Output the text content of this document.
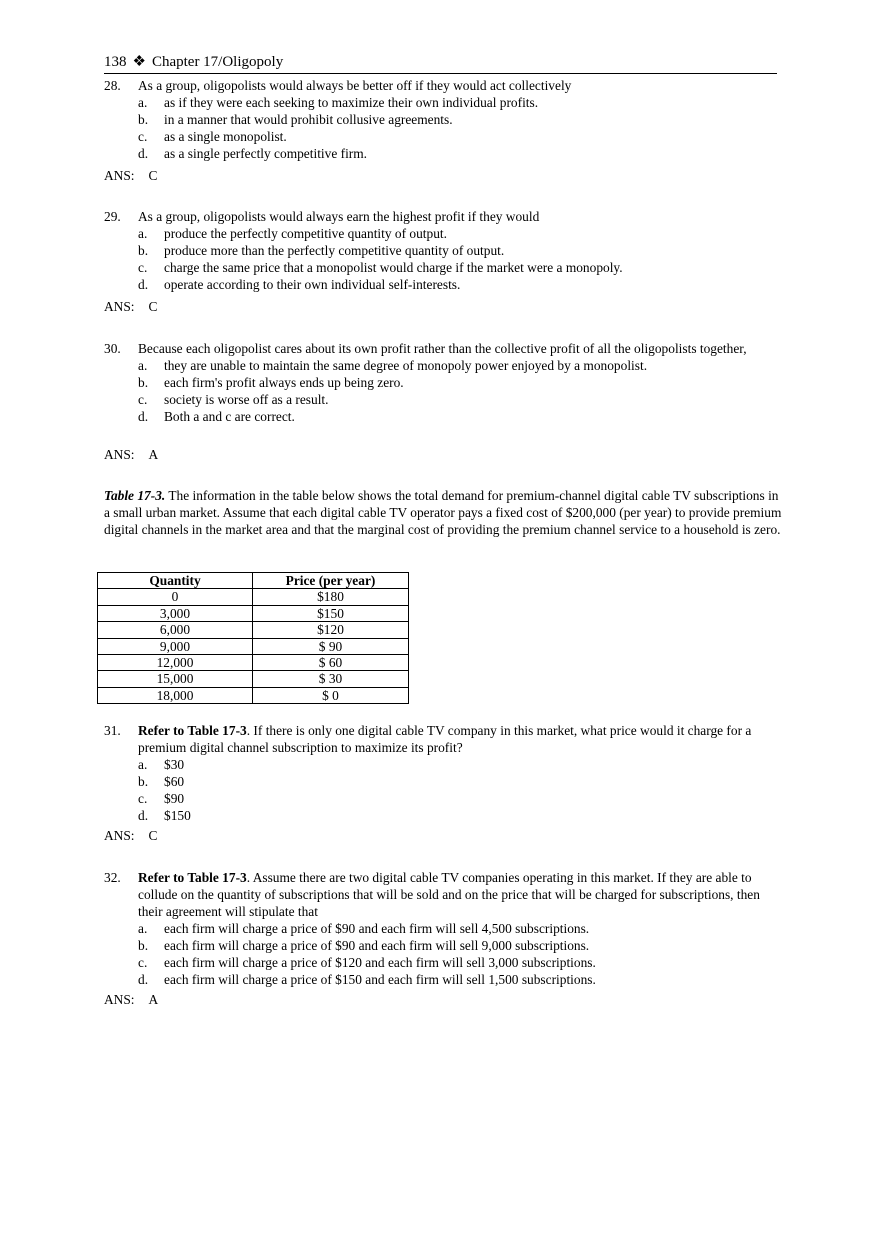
138 ❖ Chapter 17/Oligopoly
28. As a group, oligopolists would always be better off if they would act collectively
a. as if they were each seeking to maximize their own individual profits.
b. in a manner that would prohibit collusive agreements.
c. as a single monopolist.
d. as a single perfectly competitive firm.
ANS: C
29. As a group, oligopolists would always earn the highest profit if they would
a. produce the perfectly competitive quantity of output.
b. produce more than the perfectly competitive quantity of output.
c. charge the same price that a monopolist would charge if the market were a monopoly.
d. operate according to their own individual self-interests.
ANS: C
30. Because each oligopolist cares about its own profit rather than the collective profit of all the oligopolists together,
a. they are unable to maintain the same degree of monopoly power enjoyed by a monopolist.
b. each firm's profit always ends up being zero.
c. society is worse off as a result.
d. Both a and c are correct.
ANS: A
Table 17-3. The information in the table below shows the total demand for premium-channel digital cable TV subscriptions in a small urban market. Assume that each digital cable TV operator pays a fixed cost of $200,000 (per year) to provide premium digital channels in the market area and that the marginal cost of providing the premium channel service to a household is zero.
Quantity	Price (per year)
0	$180
3,000	$150
6,000	$120
9,000	$ 90
12,000	$ 60
15,000	$ 30
18,000	$ 0
31. Refer to Table 17-3. If there is only one digital cable TV company in this market, what price would it charge for a premium digital channel subscription to maximize its profit?
a. $30
b. $60
c. $90
d. $150
ANS: C
32. Refer to Table 17-3. Assume there are two digital cable TV companies operating in this market. If they are able to collude on the quantity of subscriptions that will be sold and on the price that will be charged for subscriptions, then their agreement will stipulate that
a. each firm will charge a price of $90 and each firm will sell 4,500 subscriptions.
b. each firm will charge a price of $90 and each firm will sell 9,000 subscriptions.
c. each firm will charge a price of $120 and each firm will sell 3,000 subscriptions.
d. each firm will charge a price of $150 and each firm will sell 1,500 subscriptions.
ANS: A
